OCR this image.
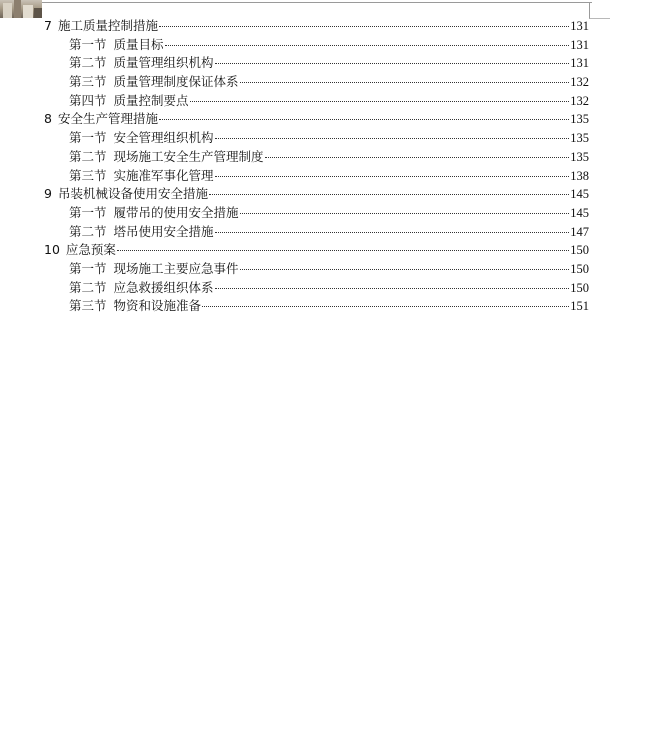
7 施工质量控制措施	131
第一节 质量目标	131
第二节 质量管理组织机构	131
第三节 质量管理制度保证体系	132
第四节 质量控制要点	132
8 安全生产管理措施	135
第一节 安全管理组织机构	135
第二节 现场施工安全生产管理制度	135
第三节 实施准军事化管理	138
9 吊装机械设备使用安全措施	145
第一节 履带吊的使用安全措施	145
第二节 塔吊使用安全措施	147
10 应急预案	150
第一节 现场施工主要应急事件	150
第二节 应急救援组织体系	150
第三节 物资和设施准备	151
